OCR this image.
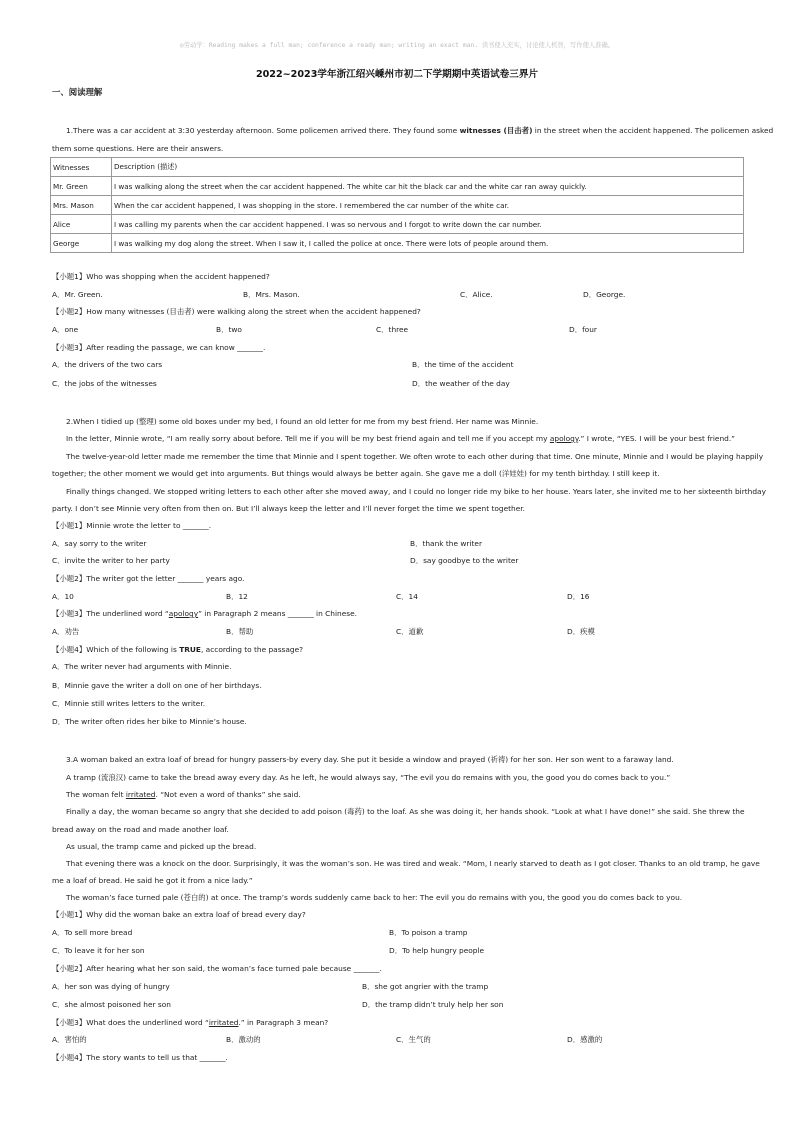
◎劳动学：Reading makes a full man; conference a ready man; writing an exact man. 读书使人充实，讨论使人机智，写作使人准确。
2022~2023学年浙江绍兴嵊州市初二下学期期中英语试卷三界片
一、阅读理解
1.There was a car accident at 3:30 yesterday afternoon. Some policemen arrived there. They found some witnesses (目击者) in the street when the accident happened. The policemen asked
them some questions. Here are their answers.
Witnesses	Description (描述)
Mr. Green	I was walking along the street when the car accident happened. The white car hit the black car and the white car ran away quickly.
Mrs. Mason	When the car accident happened, I was shopping in the store. I remembered the car number of the white car.
Alice	I was calling my parents when the car accident happened. I was so nervous and I forgot to write down the car number.
George	I was walking my dog along the street. When I saw it, I called the police at once. There were lots of people around them.
【小题1】Who was shopping when the accident happened?
A．Mr. Green.	B．Mrs. Mason.	C．Alice.	D．George.
【小题2】How many witnesses (目击者) were walking along the street when the accident happened?
A．one	B．two	C．three	D．four
【小题3】After reading the passage, we can know _______.
A．the drivers of the two cars	B．the time of the accident
C．the jobs of the witnesses	D．the weather of the day
2.When I tidied up (整理) some old boxes under my bed, I found an old letter for me from my best friend. Her name was Minnie.
In the letter, Minnie wrote, “I am really sorry about before. Tell me if you will be my best friend again and tell me if you accept my apology.” I wrote, “YES. I will be your best friend.”
The twelve-year-old letter made me remember the time that Minnie and I spent together. We often wrote to each other during that time. One minute, Minnie and I would be playing happily
together; the other moment we would get into arguments. But things would always be better again. She gave me a doll (洋娃娃) for my tenth birthday. I still keep it.
Finally things changed. We stopped writing letters to each other after she moved away, and I could no longer ride my bike to her house. Years later, she invited me to her sixteenth birthday
party. I don’t see Minnie very often from then on. But I’ll always keep the letter and I’ll never forget the time we spent together.
【小题1】Minnie wrote the letter to _______.
A．say sorry to the writer	B．thank the writer
C．invite the writer to her party	D．say goodbye to the writer
【小题2】The writer got the letter _______ years ago.
A．10	B．12	C．14	D．16
【小题3】The underlined word “apology” in Paragraph 2 means _______ in Chinese.
A．劝告	B．帮助	C．道歉	D．疾模
【小题4】Which of the following is TRUE, according to the passage?
A．The writer never had arguments with Minnie.
B．Minnie gave the writer a doll on one of her birthdays.
C．Minnie still writes letters to the writer.
D．The writer often rides her bike to Minnie’s house.
3.A woman baked an extra loaf of bread for hungry passers-by every day. She put it beside a window and prayed (祈祷) for her son. Her son went to a faraway land.
A tramp (流浪汉) came to take the bread away every day. As he left, he would always say, “The evil you do remains with you, the good you do comes back to you.”
The woman felt irritated. “Not even a word of thanks” she said.
Finally a day, the woman became so angry that she decided to add poison (毒药) to the loaf. As she was doing it, her hands shook. “Look at what I have done!” she said. She threw the
bread away on the road and made another loaf.
As usual, the tramp came and picked up the bread.
That evening there was a knock on the door. Surprisingly, it was the woman’s son. He was tired and weak. “Mom, I nearly starved to death as I got closer. Thanks to an old tramp, he gave
me a loaf of bread. He said he got it from a nice lady.”
The woman’s face turned pale (苍白的) at once. The tramp’s words suddenly came back to her: The evil you do remains with you, the good you do comes back to you.
【小题1】Why did the woman bake an extra loaf of bread every day?
A．To sell more bread	B．To poison a tramp
C．To leave it for her son	D．To help hungry people
【小题2】After hearing what her son said, the woman’s face turned pale because _______.
A．her son was dying of hungry	B．she got angrier with the tramp
C．she almost poisoned her son	D．the tramp didn’t truly help her son
【小题3】What does the underlined word “irritated.” in Paragraph 3 mean?
A．害怕的	B．激动的	C．生气的	D．感激的
【小题4】The story wants to tell us that _______.
